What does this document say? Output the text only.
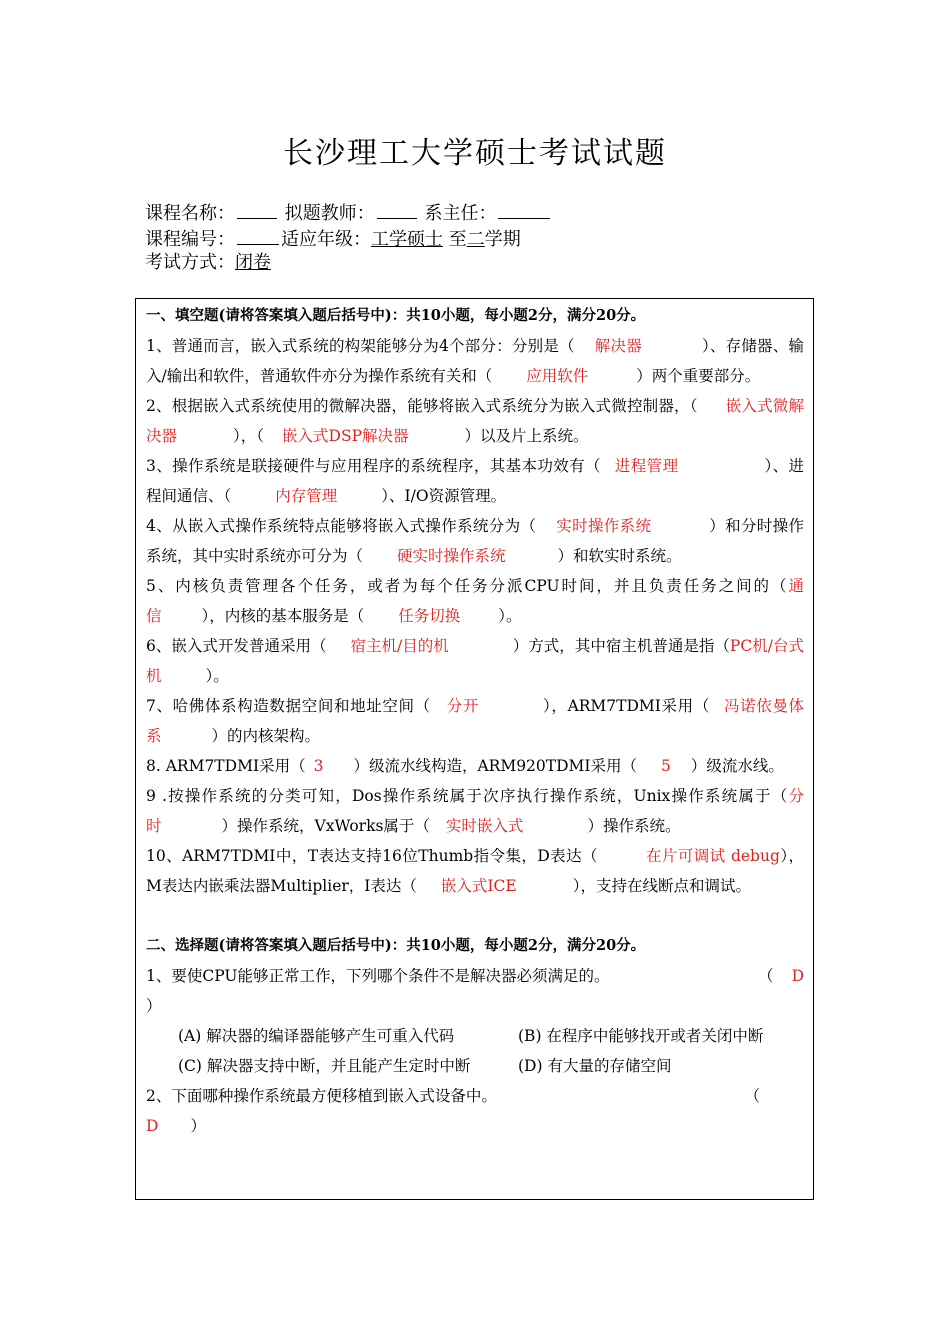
长沙理工大学硕士考试试题
课程名称：	拟题教师：	系主任：
课程编号：	适应年级：工学硕士 至二学期
考试方式：闭卷
一、填空题(请将答案填入题后括号中)：共10小题，每小题2分，满分20分。
1、普通而言，嵌入式系统的构架能够分为4个部分：分别是（ 解决器	）、存储器、输入/输出和软件，普通软件亦分为操作系统有关和（ 应用软件	）两个重要部分。
2、根据嵌入式系统使用的微解决器，能够将嵌入式系统分为嵌入式微控制器，（ 嵌入式微解决器	），（ 嵌入式DSP解决器	）以及片上系统。
3、操作系统是联接硬件与应用程序的系统程序，其基本功效有（ 进程管理	）、进程间通信、（	内存管理	）、I/O资源管理。
4、从嵌入式操作系统特点能够将嵌入式操作系统分为（ 实时操作系统	）和分时操作系统，其中实时系统亦可分为（ 硬实时操作系统	）和软实时系统。
5、内核负责管理各个任务，或者为每个任务分派CPU时间，并且负责任务之间的（通信	），内核的基本服务是（ 任务切换 ）。
6、嵌入式开发普通采用（ 宿主机/目的机	）方式，其中宿主机普通是指（PC机/台式机	）。
7、哈佛体系构造数据空间和地址空间（ 分开	），ARM7TDMI采用（ 冯诺依曼体系	）的内核架构。
8. ARM7TDMI采用（ 3 ）级流水线构造，ARM920TDMI采用（ 5 ）级流水线。
9 .按操作系统的分类可知，Dos操作系统属于次序执行操作系统，Unix操作系统属于（分时	）操作系统，VxWorks属于（ 实时嵌入式	）操作系统。
10、ARM7TDMI中，T表达支持16位Thumb指令集，D表达（	在片可调试 debug），M表达内嵌乘法器Multiplier，I表达（ 嵌入式ICE	），支持在线断点和调试。
二、选择题(请将答案填入题后括号中)：共10小题，每小题2分，满分20分。
1、要使CPU能够正常工作，下列哪个条件不是解决器必须满足的。	（ D
）
(A) 解决器的编译器能够产生可重入代码	(B) 在程序中能够找开或者关闭中断
(C) 解决器支持中断，并且能产生定时中断	(D) 有大量的存储空间
2、下面哪种操作系统最方便移植到嵌入式设备中。	（
D ）
